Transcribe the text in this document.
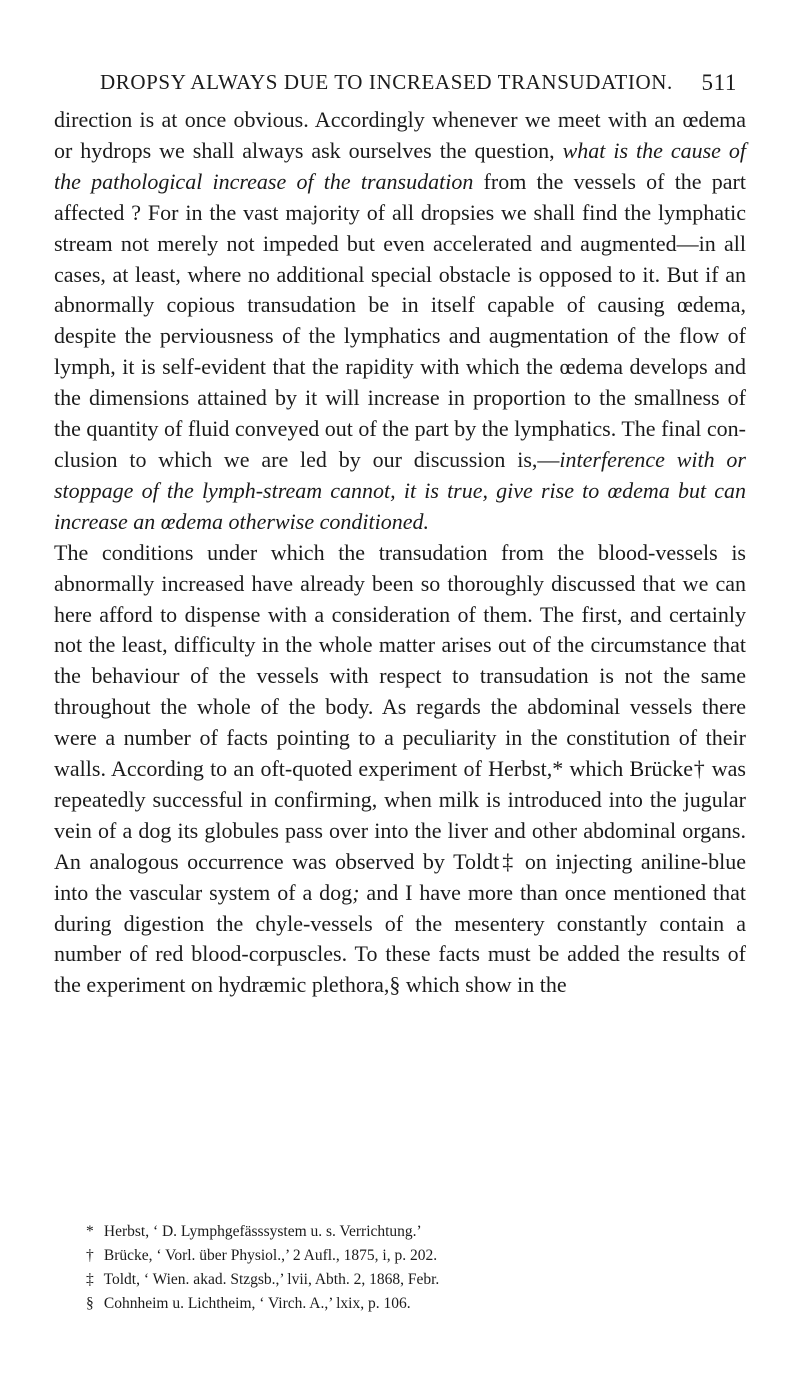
DROPSY ALWAYS DUE TO INCREASED TRANSUDATION. 511

direction is at once obvious. Accordingly whenever we meet with an œdema or hydrops we shall always ask ourselves the question, what is the cause of the pathological increase of the transudation from the vessels of the part affected ? For in the vast majority of all dropsies we shall find the lymphatic stream not merely not impeded but even accelerated and augmented—in all cases, at least, where no additional special obstacle is opposed to it. But if an abnormally copious transudation be in itself capable of causing œdema, despite the perviousness of the lymphatics and augmentation of the flow of lymph, it is self-evident that the rapidity with which the œdema develops and the dimensions attained by it will increase in proportion to the smallness of the quantity of fluid conveyed out of the part by the lymphatics. The final conclusion to which we are led by our discussion is,—interference with or stoppage of the lymph-stream cannot, it is true, give rise to œdema but can increase an œdema otherwise conditioned.

The conditions under which the transudation from the blood-vessels is abnormally increased have already been so thoroughly discussed that we can here afford to dispense with a consideration of them. The first, and certainly not the least, difficulty in the whole matter arises out of the circumstance that the behaviour of the vessels with respect to transudation is not the same throughout the whole of the body. As regards the abdominal vessels there were a number of facts pointing to a peculiarity in the constitution of their walls. According to an oft-quoted experiment of Herbst,* which Brücke† was repeatedly successful in confirming, when milk is introduced into the jugular vein of a dog its globules pass over into the liver and other abdominal organs. An analogous occurrence was observed by Toldt‡ on injecting aniline-blue into the vascular system of a dog; and I have more than once mentioned that during digestion the chyle-vessels of the mesentery constantly contain a number of red blood-corpuscles. To these facts must be added the results of the experiment on hydræmic plethora,§ which show in the

* Herbst, ‘ D. Lymphgefässsystem u. s. Verrichtung.’
† Brücke, ‘ Vorl. über Physiol.,’ 2 Aufl., 1875, i, p. 202.
‡ Toldt, ‘ Wien. akad. Stzgsb.,’ lvii, Abth. 2, 1868, Febr.
§ Cohnheim u. Lichtheim, ‘ Virch. A.,’ lxix, p. 106.
